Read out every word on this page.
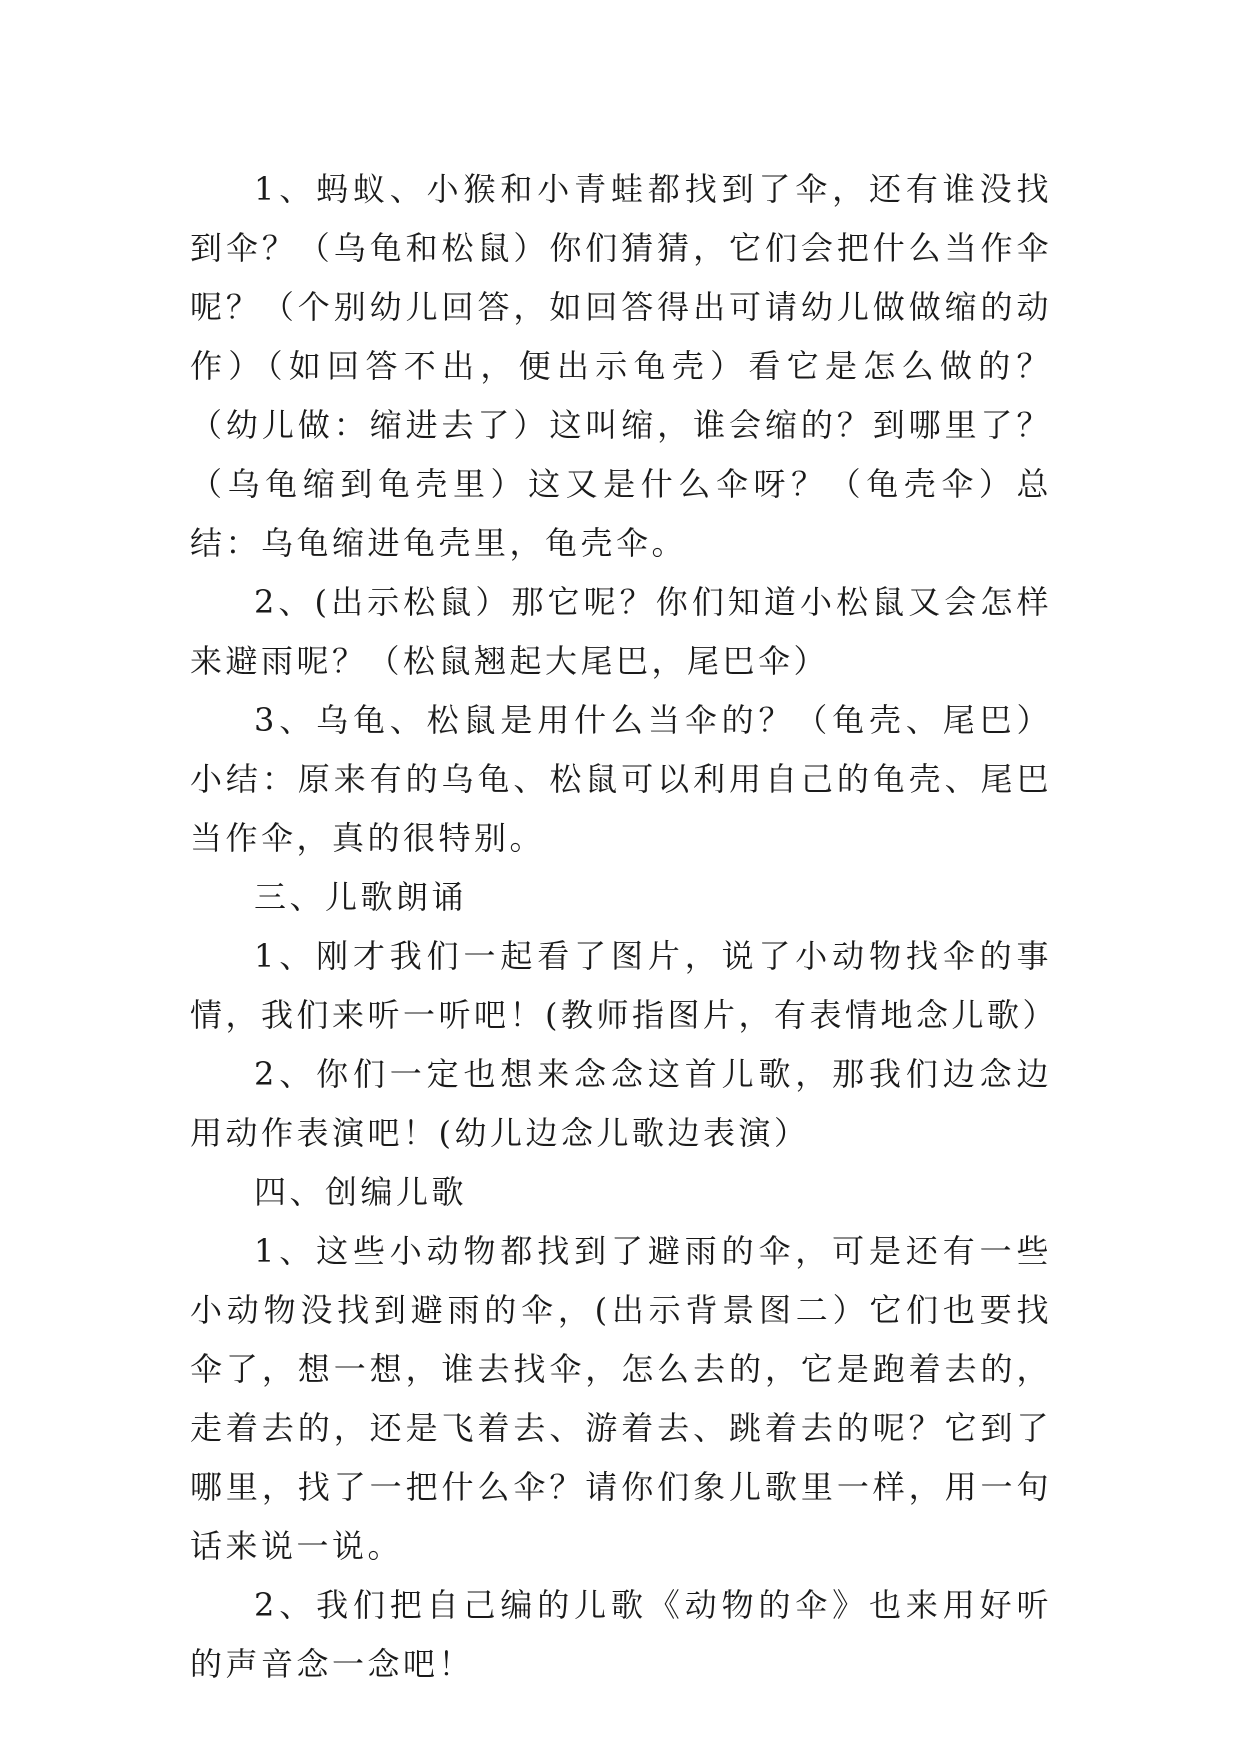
1、蚂蚁、小猴和小青蛙都找到了伞，还有谁没找到伞？（乌龟和松鼠）你们猜猜，它们会把什么当作伞呢？（个别幼儿回答，如回答得出可请幼儿做做缩的动作）（如回答不出，便出示龟壳）看它是怎么做的？（幼儿做：缩进去了）这叫缩，谁会缩的？到哪里了？（乌龟缩到龟壳里）这又是什么伞呀？（龟壳伞）总结：乌龟缩进龟壳里，龟壳伞。

2、(出示松鼠）那它呢？你们知道小松鼠又会怎样来避雨呢？（松鼠翘起大尾巴，尾巴伞）

3、乌龟、松鼠是用什么当伞的？（龟壳、尾巴）小结：原来有的乌龟、松鼠可以利用自己的龟壳、尾巴当作伞，真的很特别。

三、儿歌朗诵

1、刚才我们一起看了图片，说了小动物找伞的事情，我们来听一听吧！(教师指图片，有表情地念儿歌）

2、你们一定也想来念念这首儿歌，那我们边念边用动作表演吧！(幼儿边念儿歌边表演）

四、创编儿歌

1、这些小动物都找到了避雨的伞，可是还有一些小动物没找到避雨的伞，(出示背景图二）它们也要找伞了，想一想，谁去找伞，怎么去的，它是跑着去的，走着去的，还是飞着去、游着去、跳着去的呢？它到了哪里，找了一把什么伞？请你们象儿歌里一样，用一句话来说一说。

2、我们把自己编的儿歌《动物的伞》也来用好听的声音念一念吧！
